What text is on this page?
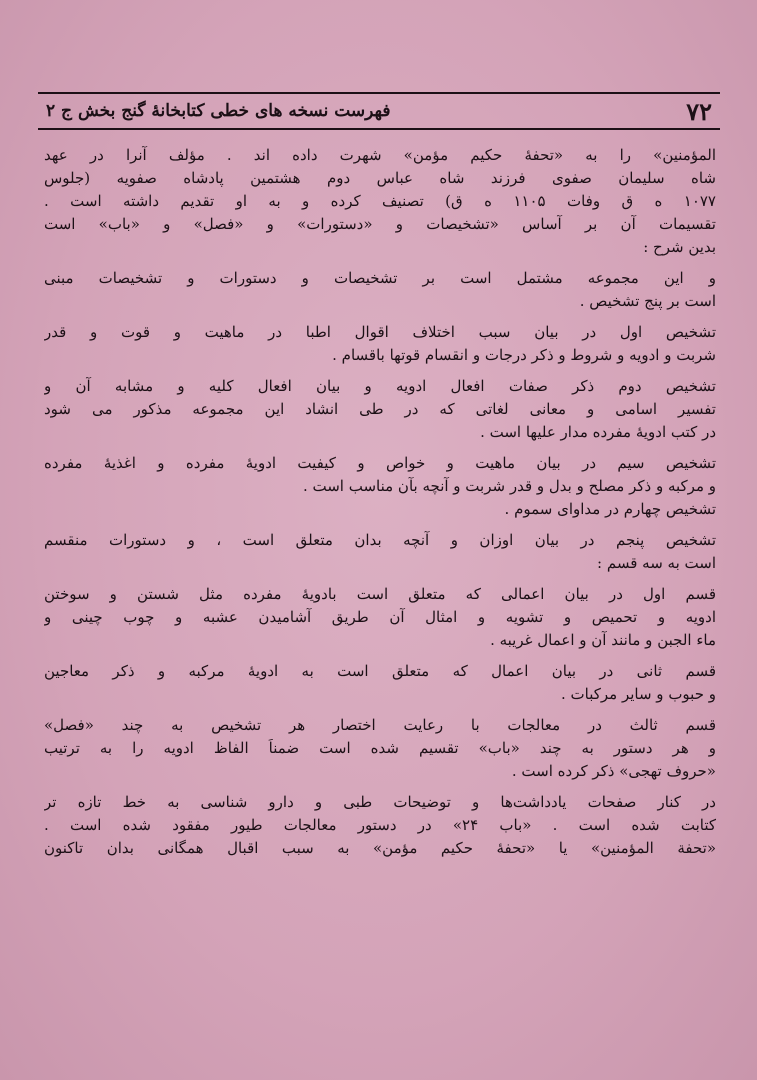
۷۲
فهرست نسخه های خطی کتابخانهٔ گنج بخش ج ۲
المؤمنین» را به «تحفهٔ حکیم مؤمن» شهرت داده اند . مؤلف آنرا در عهد
شاه سلیمان صفوی فرزند شاه عباس دوم هشتمین پادشاه صفویه (جلوس
۱۰۷۷ ه ق وفات ۱۱۰۵ ه ق) تصنیف کرده و به او تقدیم داشته است .
تقسیمات آن بر آساس «تشخیصات و «دستورات» و «فصل» و «باب» است
بدین شرح :
و این مجموعه مشتمل است بر تشخیصات و دستورات و تشخیصات مبنی
است بر پنج تشخیص .
تشخیص اول در بیان سبب اختلاف اقوال اطبا در ماهیت و قوت و قدر
شربت و ادویه و شروط و ذکر درجات و انقسام قوتها باقسام .
تشخیص دوم ذکر صفات افعال ادویه و بیان افعال کلیه و مشابه آن و
تفسیر اسامی و معانی لغاتی که در طی انشاد این مجموعه مذکور می شود
در کتب ادویهٔ مفرده مدار علیها است .
تشخیص سیم در بیان ماهیت و خواص و کیفیت ادویهٔ مفرده و اغذیهٔ مفرده
و مرکبه و ذکر مصلح و بدل و قدر شربت و آنچه بآن مناسب است .
تشخیص چهارم در مداوای سموم .
تشخیص پنجم در بیان اوزان و آنچه بدان متعلق است ، و دستورات منقسم
است به سه قسم :
قسم اول در بیان اعمالی که متعلق است بادویهٔ مفرده مثل شستن و سوختن
ادویه و تحمیص و تشویه و امثال آن طریق آشامیدن عشبه و چوب چینی و
ماء الجبن و مانند آن و اعمال غریبه .
قسم ثانی در بیان اعمال که متعلق است به ادویهٔ مرکبه و ذکر معاجین
و حبوب و سایر مرکبات .
قسم ثالث در معالجات با رعایت اختصار هر تشخیص به چند «فصل»
و هر دستور به چند «باب» تقسیم شده است ضمناً الفاظ ادویه را به ترتیب
«حروف تهجی» ذکر کرده است .
در کنار صفحات یادداشت‌ها و توضیحات طبی و دارو شناسی به خط تازه تر
کتابت شده است . «باب ۲۴» در دستور معالجات طیور مفقود شده است .
«تحفة المؤمنین» یا «تحفهٔ حکیم مؤمن» به سبب اقبال همگانی بدان تاکنون
